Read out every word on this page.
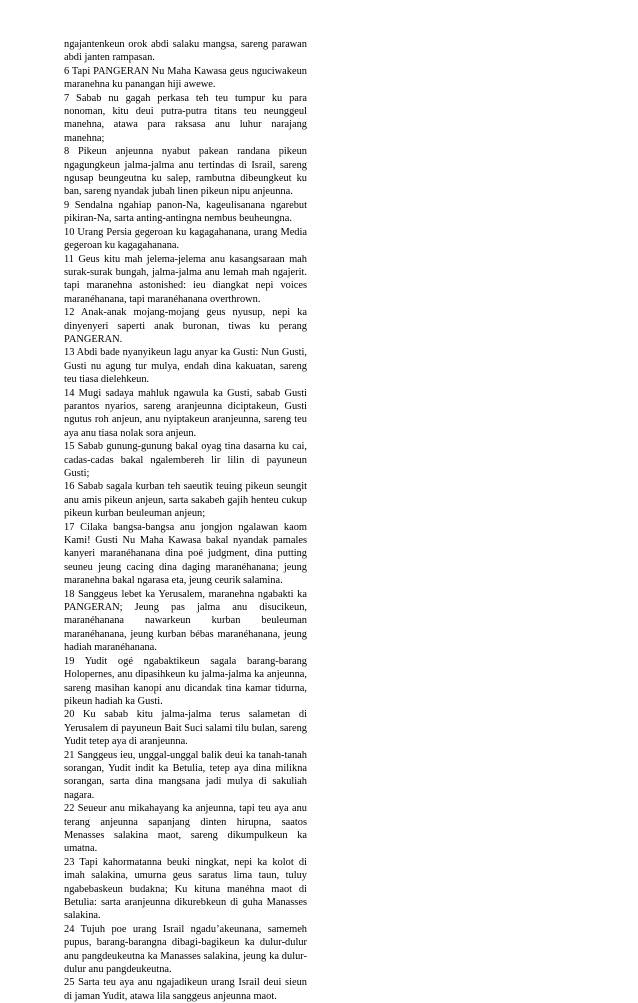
ngajantenkeun orok abdi salaku mangsa, sareng parawan abdi janten rampasan.

6 Tapi PANGERAN Nu Maha Kawasa geus nguciwakeun maranehna ku panangan hiji awewe.

7 Sabab nu gagah perkasa teh teu tumpur ku para nonoman, kitu deui putra-putra titans teu neunggeul manehna, atawa para raksasa anu luhur narajang manehna;

8 Pikeun anjeunna nyabut pakean randana pikeun ngagungkeun jalma-jalma anu tertindas di Israil, sareng ngusap beungeutna ku salep, rambutna dibeungkeut ku ban, sareng nyandak jubah linen pikeun nipu anjeunna.

9 Sendalna ngahiap panon-Na, kageulisanana ngarebut pikiran-Na, sarta anting-antingna nembus beuheungna.

10 Urang Persia gegeroan ku kagagahanana, urang Media gegeroan ku kagagahanana.

11 Geus kitu mah jelema-jelema anu kasangsaraan mah surak-surak bungah, jalma-jalma anu lemah mah ngajerit. tapi maranehna astonished: ieu diangkat nepi voices maranéhanana, tapi maranéhanana overthrown.

12 Anak-anak mojang-mojang geus nyusup, nepi ka dinyenyeri saperti anak buronan, tiwas ku perang PANGERAN.

13 Abdi bade nyanyikeun lagu anyar ka Gusti: Nun Gusti, Gusti nu agung tur mulya, endah dina kakuatan, sareng teu tiasa dielehkeun.

14 Mugi sadaya mahluk ngawula ka Gusti, sabab Gusti parantos nyarios, sareng aranjeunna diciptakeun, Gusti ngutus roh anjeun, anu nyiptakeun aranjeunna, sareng teu aya anu tiasa nolak sora anjeun.

15 Sabab gunung-gunung bakal oyag tina dasarna ku cai, cadas-cadas bakal ngalembereh lir lilin di payuneun Gusti;

16 Sabab sagala kurban teh saeutik teuing pikeun seungit anu amis pikeun anjeun, sarta sakabeh gajih henteu cukup pikeun kurban beuleuman anjeun;

17 Cilaka bangsa-bangsa anu jongjon ngalawan kaom Kami! Gusti Nu Maha Kawasa bakal nyandak pamales kanyeri maranéhanana dina poé judgment, dina putting seuneu jeung cacing dina daging maranéhanana; jeung maranehna bakal ngarasa eta, jeung ceurik salamina.

18 Sanggeus lebet ka Yerusalem, maranehna ngabakti ka PANGERAN; Jeung pas jalma anu disucikeun, maranéhanana nawarkeun kurban beuleuman maranéhanana, jeung kurban bébas maranéhanana, jeung hadiah maranéhanana.

19 Yudit ogé ngabaktikeun sagala barang-barang Holopernes, anu dipasihkeun ku jalma-jalma ka anjeunna, sareng masihan kanopi anu dicandak tina kamar tidurna, pikeun hadiah ka Gusti.

20 Ku sabab kitu jalma-jalma terus salametan di Yerusalem di payuneun Bait Suci salami tilu bulan, sareng Yudit tetep aya di aranjeunna.

21 Sanggeus ieu, unggal-unggal balik deui ka tanah-tanah sorangan, Yudit indit ka Betulia, tetep aya dina milikna sorangan, sarta dina mangsana jadi mulya di sakuliah nagara.

22 Seueur anu mikahayang ka anjeunna, tapi teu aya anu terang anjeunna sapanjang dinten hirupna, saatos Menasses salakina maot, sareng dikumpulkeun ka umatna.

23 Tapi kahormatanna beuki ningkat, nepi ka kolot di imah salakina, umurna geus saratus lima taun, tuluy ngabebaskeun budakna; Ku kituna manéhna maot di Betulia: sarta aranjeunna dikurebkeun di guha Manasses salakina.

24 Tujuh poe urang Israil ngadu’akeunana, samemeh pupus, barang-barangna dibagi-bagikeun ka dulur-dulur anu pangdeukeutna ka Manasses salakina, jeung ka dulur-dulur anu pangdeukeutna.

25 Sarta teu aya anu ngajadikeun urang Israil deui sieun di jaman Yudit, atawa lila sanggeus anjeunna maot.
